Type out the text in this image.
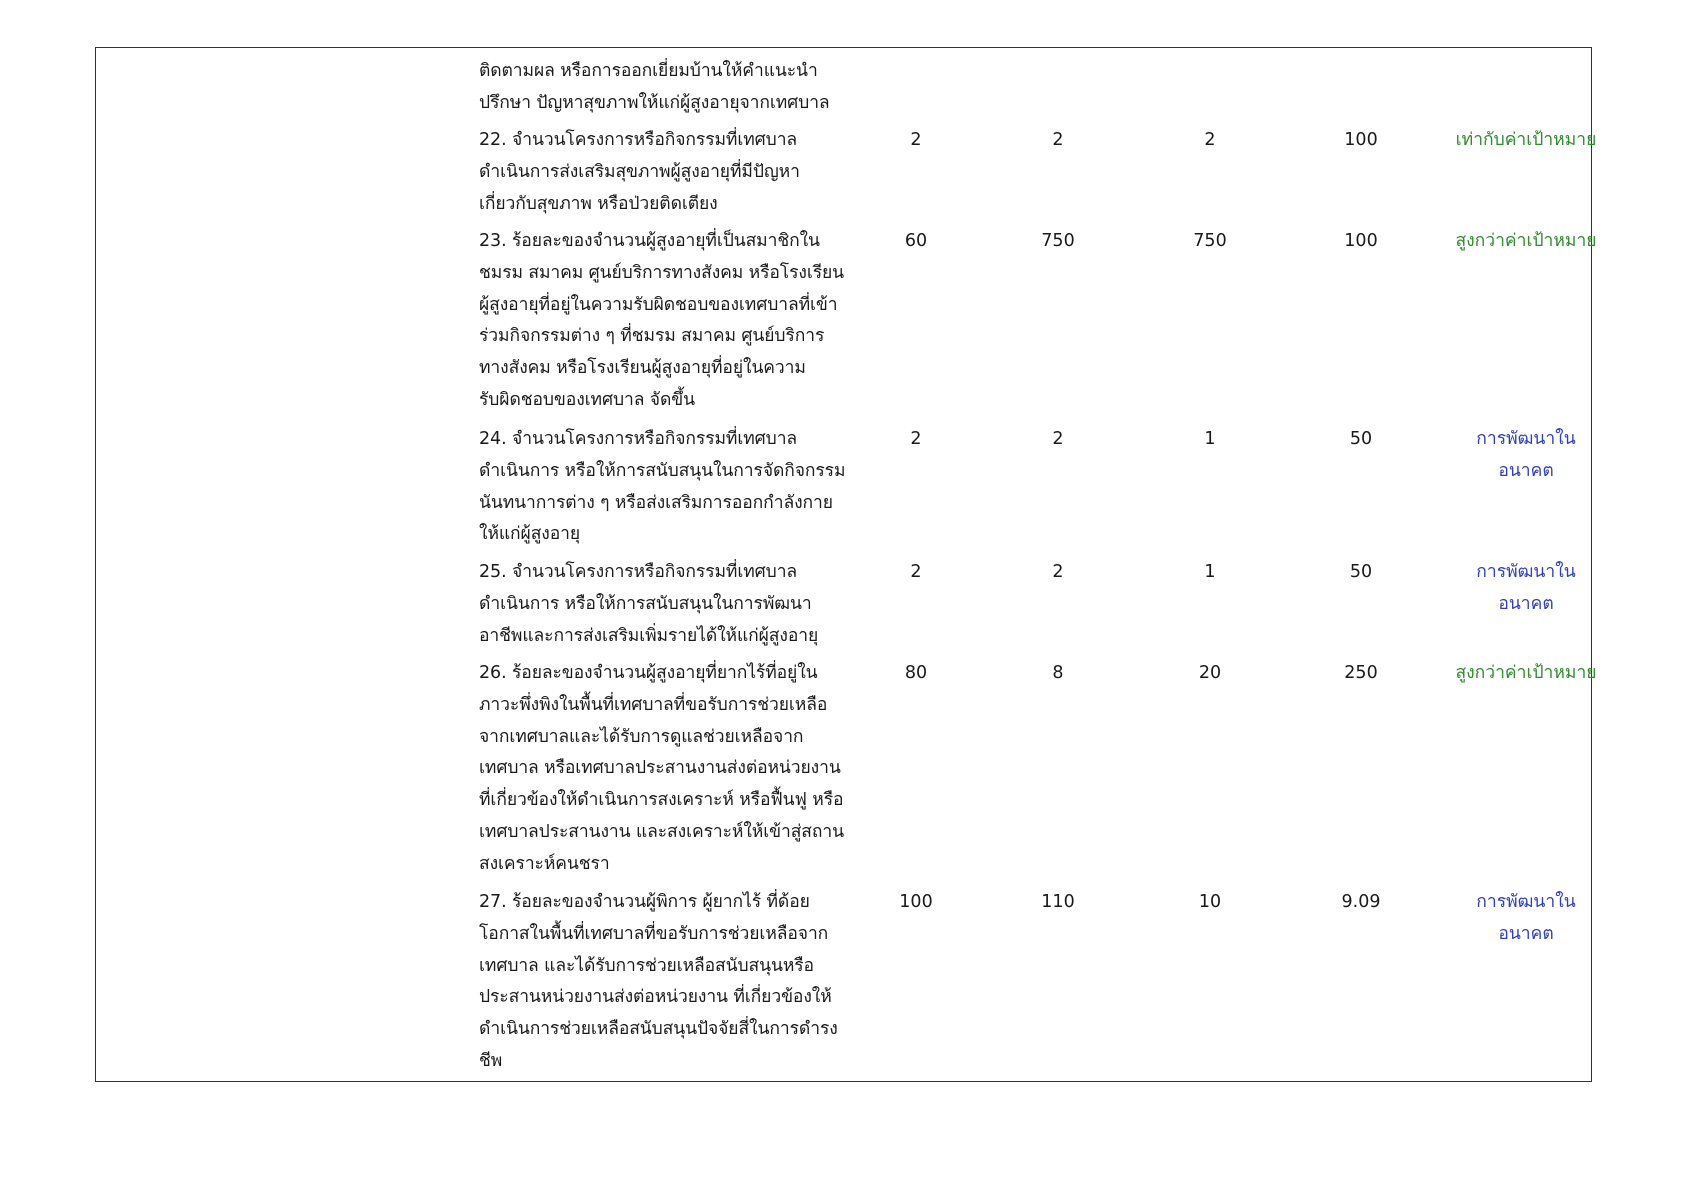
ติดตามผล หรือการออกเยี่ยมบ้านให้คำแนะนำ
ปรึกษา ปัญหาสุขภาพให้แก่ผู้สูงอายุจากเทศบาล
22. จำนวนโครงการหรือกิจกรรมที่เทศบาล
ดำเนินการส่งเสริมสุขภาพผู้สูงอายุที่มีปัญหา
เกี่ยวกับสุขภาพ หรือป่วยติดเตียง
2	2	2	100	เท่ากับค่าเป้าหมาย
23. ร้อยละของจำนวนผู้สูงอายุที่เป็นสมาชิกใน
ชมรม สมาคม ศูนย์บริการทางสังคม หรือโรงเรียน
ผู้สูงอายุที่อยู่ในความรับผิดชอบของเทศบาลที่เข้า
ร่วมกิจกรรมต่าง ๆ ที่ชมรม สมาคม ศูนย์บริการ
ทางสังคม หรือโรงเรียนผู้สูงอายุที่อยู่ในความ
รับผิดชอบของเทศบาล จัดขึ้น
60	750	750	100	สูงกว่าค่าเป้าหมาย
24. จำนวนโครงการหรือกิจกรรมที่เทศบาล
ดำเนินการ หรือให้การสนับสนุนในการจัดกิจกรรม
นันทนาการต่าง ๆ หรือส่งเสริมการออกกำลังกาย
ให้แก่ผู้สูงอายุ
2	2	1	50	การพัฒนาใน
อนาคต
25. จำนวนโครงการหรือกิจกรรมที่เทศบาล
ดำเนินการ หรือให้การสนับสนุนในการพัฒนา
อาชีพและการส่งเสริมเพิ่มรายได้ให้แก่ผู้สูงอายุ
2	2	1	50	การพัฒนาใน
อนาคต
26. ร้อยละของจำนวนผู้สูงอายุที่ยากไร้ที่อยู่ใน
ภาวะพึ่งพิงในพื้นที่เทศบาลที่ขอรับการช่วยเหลือ
จากเทศบาลและได้รับการดูแลช่วยเหลือจาก
เทศบาล หรือเทศบาลประสานงานส่งต่อหน่วยงาน
ที่เกี่ยวข้องให้ดำเนินการสงเคราะห์ หรือฟื้นฟู หรือ
เทศบาลประสานงาน และสงเคราะห์ให้เข้าสู่สถาน
สงเคราะห์คนชรา
80	8	20	250	สูงกว่าค่าเป้าหมาย
27. ร้อยละของจำนวนผู้พิการ ผู้ยากไร้ ที่ด้อย
โอกาสในพื้นที่เทศบาลที่ขอรับการช่วยเหลือจาก
เทศบาล และได้รับการช่วยเหลือสนับสนุนหรือ
ประสานหน่วยงานส่งต่อหน่วยงาน ที่เกี่ยวข้องให้
ดำเนินการช่วยเหลือสนับสนุนปัจจัยสี่ในการดำรง
ชีพ
100	110	10	9.09	การพัฒนาใน
อนาคต
